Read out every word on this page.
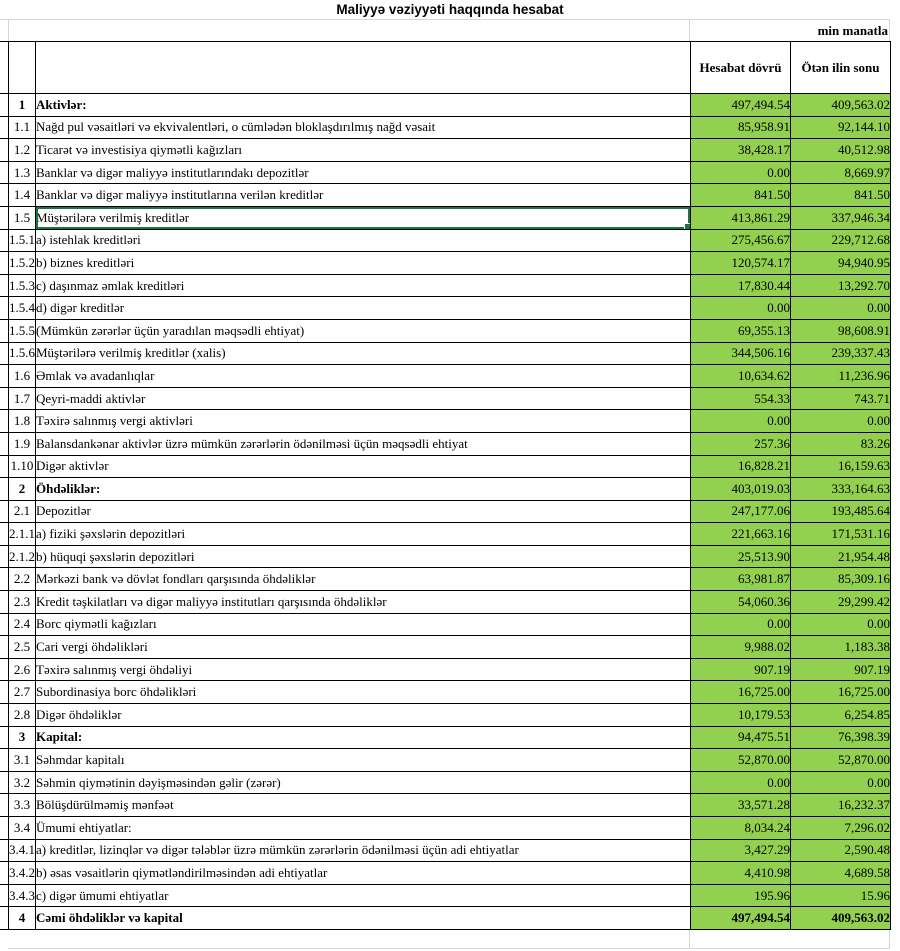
Maliyyə vəziyyəti haqqında hesabat
min manatla
			Hesabat dövrü	Ötən ilin sonu
	1	Aktivlər:	497,494.54	409,563.02
	1.1	Nağd pul vəsaitləri və ekvivalentləri, o cümlədən bloklaşdırılmış nağd vəsait	85,958.91	92,144.10
	1.2	Ticarət və investisiya qiymətli kağızları	38,428.17	40,512.98
	1.3	Banklar və digər maliyyə institutlarındakı depozitlər	0.00	8,669.97
	1.4	Banklar və digər maliyyə institutlarına verilən kreditlər	841.50	841.50
	1.5	Müştərilərə verilmiş kreditlər	413,861.29	337,946.34
	1.5.1	a) istehlak kreditləri	275,456.67	229,712.68
	1.5.2	b) biznes kreditləri	120,574.17	94,940.95
	1.5.3	c) daşınmaz əmlak kreditləri	17,830.44	13,292.70
	1.5.4	d) digər kreditlər	0.00	0.00
	1.5.5	(Mümkün zərərlər üçün yaradılan məqsədli ehtiyat)	69,355.13	98,608.91
	1.5.6	Müştərilərə verilmiş kreditlər (xalis)	344,506.16	239,337.43
	1.6	Əmlak və avadanlıqlar	10,634.62	11,236.96
	1.7	Qeyri-maddi aktivlər	554.33	743.71
	1.8	Təxirə salınmış vergi aktivləri	0.00	0.00
	1.9	Balansdankənar aktivlər üzrə mümkün zərərlərin ödənilməsi üçün məqsədli ehtiyat	257.36	83.26
	1.10	Digər aktivlər	16,828.21	16,159.63
	2	Öhdəliklər:	403,019.03	333,164.63
	2.1	Depozitlər	247,177.06	193,485.64
	2.1.1	a) fiziki şəxslərin depozitləri	221,663.16	171,531.16
	2.1.2	b) hüquqi şəxslərin depozitləri	25,513.90	21,954.48
	2.2	Mərkəzi bank və dövlət fondları qarşısında öhdəliklər	63,981.87	85,309.16
	2.3	Kredit təşkilatları və digər maliyyə institutları qarşısında öhdəliklər	54,060.36	29,299.42
	2.4	Borc qiymətli kağızları	0.00	0.00
	2.5	Cari vergi öhdəlikləri	9,988.02	1,183.38
	2.6	Təxirə salınmış vergi öhdəliyi	907.19	907.19
	2.7	Subordinasiya borc öhdəlikləri	16,725.00	16,725.00
	2.8	Digər öhdəliklər	10,179.53	6,254.85
	3	Kapital:	94,475.51	76,398.39
	3.1	Səhmdar kapitalı	52,870.00	52,870.00
	3.2	Səhmin qiymətinin dəyişməsindən gəlir (zərər)	0.00	0.00
	3.3	Bölüşdürülməmiş mənfəət	33,571.28	16,232.37
	3.4	Ümumi ehtiyatlar:	8,034.24	7,296.02
	3.4.1	a) kreditlər, lizinqlər və digər tələblər üzrə mümkün zərərlərin ödənilməsi üçün adi ehtiyatlar	3,427.29	2,590.48
	3.4.2	b) əsas vəsaitlərin qiymətləndirilməsindən adi ehtiyatlar	4,410.98	4,689.58
	3.4.3	c) digər ümumi ehtiyatlar	195.96	15.96
	4	Cəmi öhdəliklər və kapital	497,494.54	409,563.02
